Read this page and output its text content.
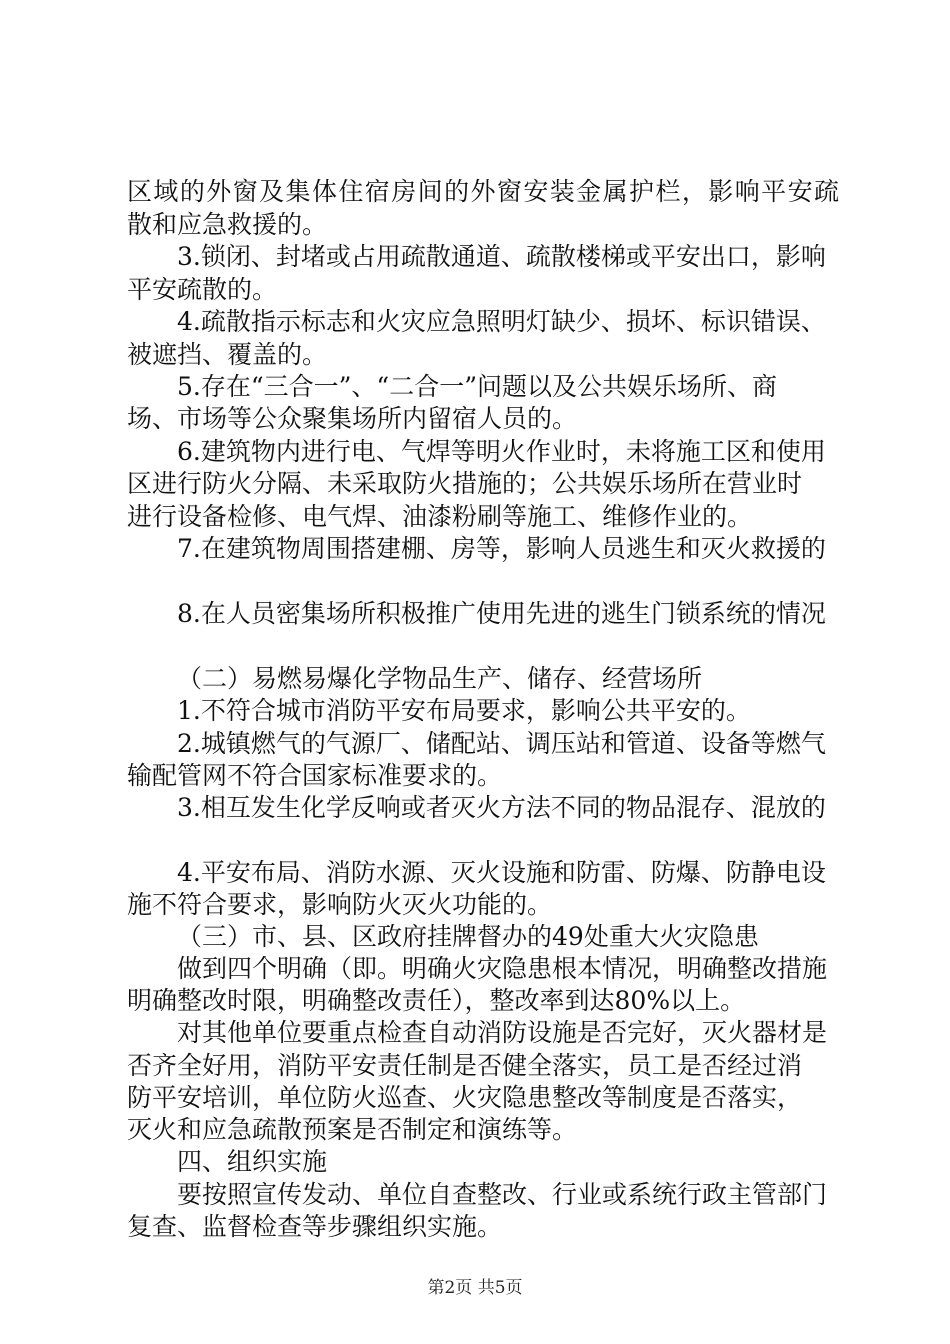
区域的外窗及集体住宿房间的外窗安装金属护栏，影响平安疏
散和应急救援的。
3.锁闭、封堵或占用疏散通道、疏散楼梯或平安出口，影响
平安疏散的。
4.疏散指示标志和火灾应急照明灯缺少、损坏、标识错误、
被遮挡、覆盖的。
5.存在“三合一”、“二合一”问题以及公共娱乐场所、商
场、市场等公众聚集场所内留宿人员的。
6.建筑物内进行电、气焊等明火作业时，未将施工区和使用
区进行防火分隔、未采取防火措施的；公共娱乐场所在营业时
进行设备检修、电气焊、油漆粉刷等施工、维修作业的。
7.在建筑物周围搭建棚、房等，影响人员逃生和灭火救援的
8.在人员密集场所积极推广使用先进的逃生门锁系统的情况
（二）易燃易爆化学物品生产、储存、经营场所
1.不符合城市消防平安布局要求，影响公共平安的。
2.城镇燃气的气源厂、储配站、调压站和管道、设备等燃气
输配管网不符合国家标准要求的。
3.相互发生化学反响或者灭火方法不同的物品混存、混放的
4.平安布局、消防水源、灭火设施和防雷、防爆、防静电设
施不符合要求，影响防火灭火功能的。
（三）市、县、区政府挂牌督办的49处重大火灾隐患
做到四个明确（即。明确火灾隐患根本情况，明确整改措施
明确整改时限，明确整改责任），整改率到达80%以上。
对其他单位要重点检查自动消防设施是否完好，灭火器材是
否齐全好用，消防平安责任制是否健全落实，员工是否经过消
防平安培训，单位防火巡查、火灾隐患整改等制度是否落实，
灭火和应急疏散预案是否制定和演练等。
四、组织实施
要按照宣传发动、单位自查整改、行业或系统行政主管部门
复查、监督检查等步骤组织实施。
第2页 共5页
